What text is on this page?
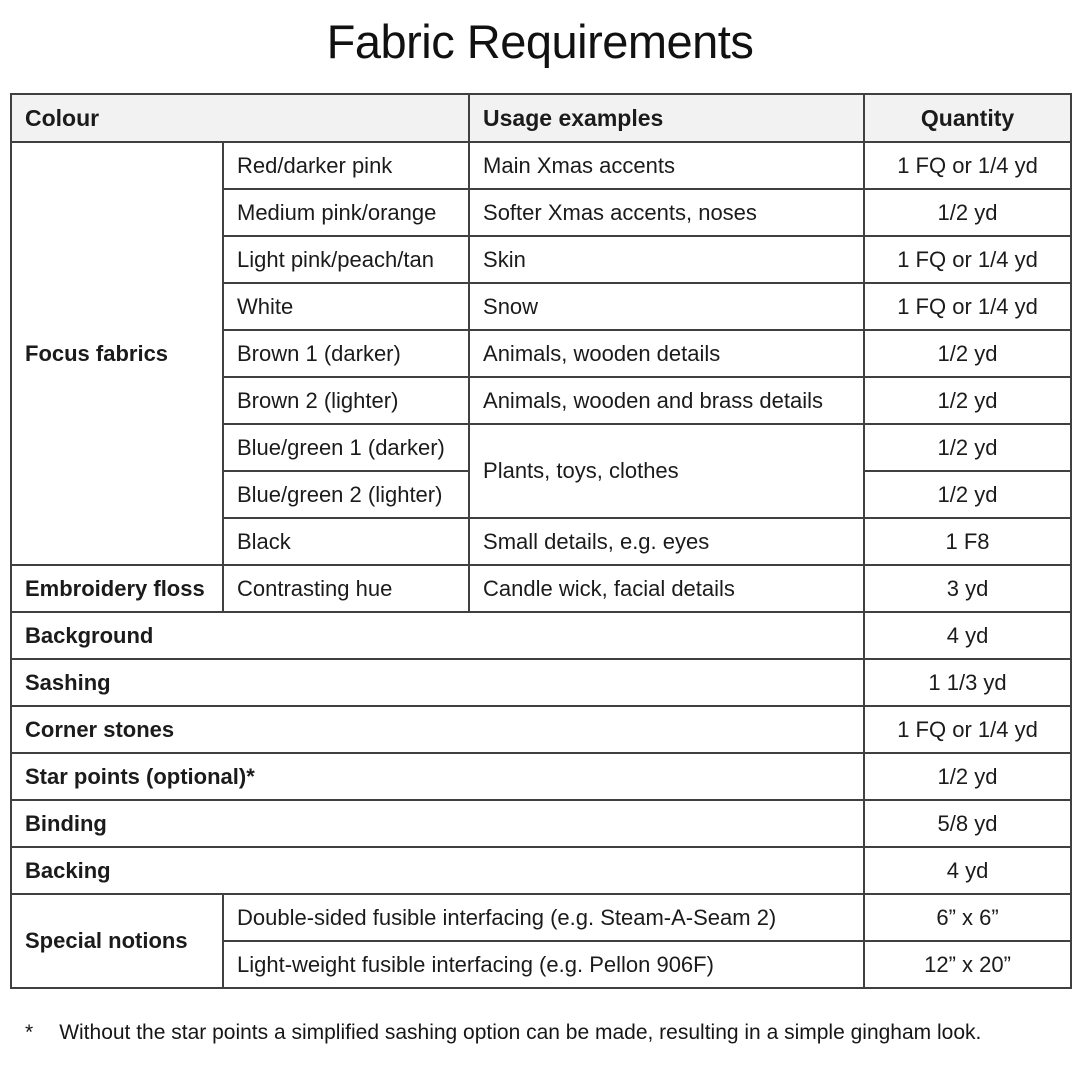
Fabric Requirements
Colour		Usage examples	Quantity
Focus fabrics	Red/darker pink	Main Xmas accents	1 FQ or 1/4 yd
	Medium pink/orange	Softer Xmas accents, noses	1/2 yd
	Light pink/peach/tan	Skin	1 FQ or 1/4 yd
	White	Snow	1 FQ or 1/4 yd
	Brown 1 (darker)	Animals, wooden details	1/2 yd
	Brown 2 (lighter)	Animals, wooden and brass details	1/2 yd
	Blue/green 1 (darker)	Plants, toys, clothes	1/2 yd
	Blue/green 2 (lighter)		1/2 yd
	Black	Small details, e.g. eyes	1 F8
Embroidery floss	Contrasting hue	Candle wick, facial details	3 yd
Background			4 yd
Sashing			1 1/3 yd
Corner stones			1 FQ or 1/4 yd
Star points (optional)*			1/2 yd
Binding			5/8 yd
Backing			4 yd
Special notions	Double-sided fusible interfacing (e.g. Steam-A-Seam 2)		6” x 6”
	Light-weight fusible interfacing (e.g. Pellon 906F)		12” x 20”
* Without the star points a simplified sashing option can be made, resulting in a simple gingham look.
